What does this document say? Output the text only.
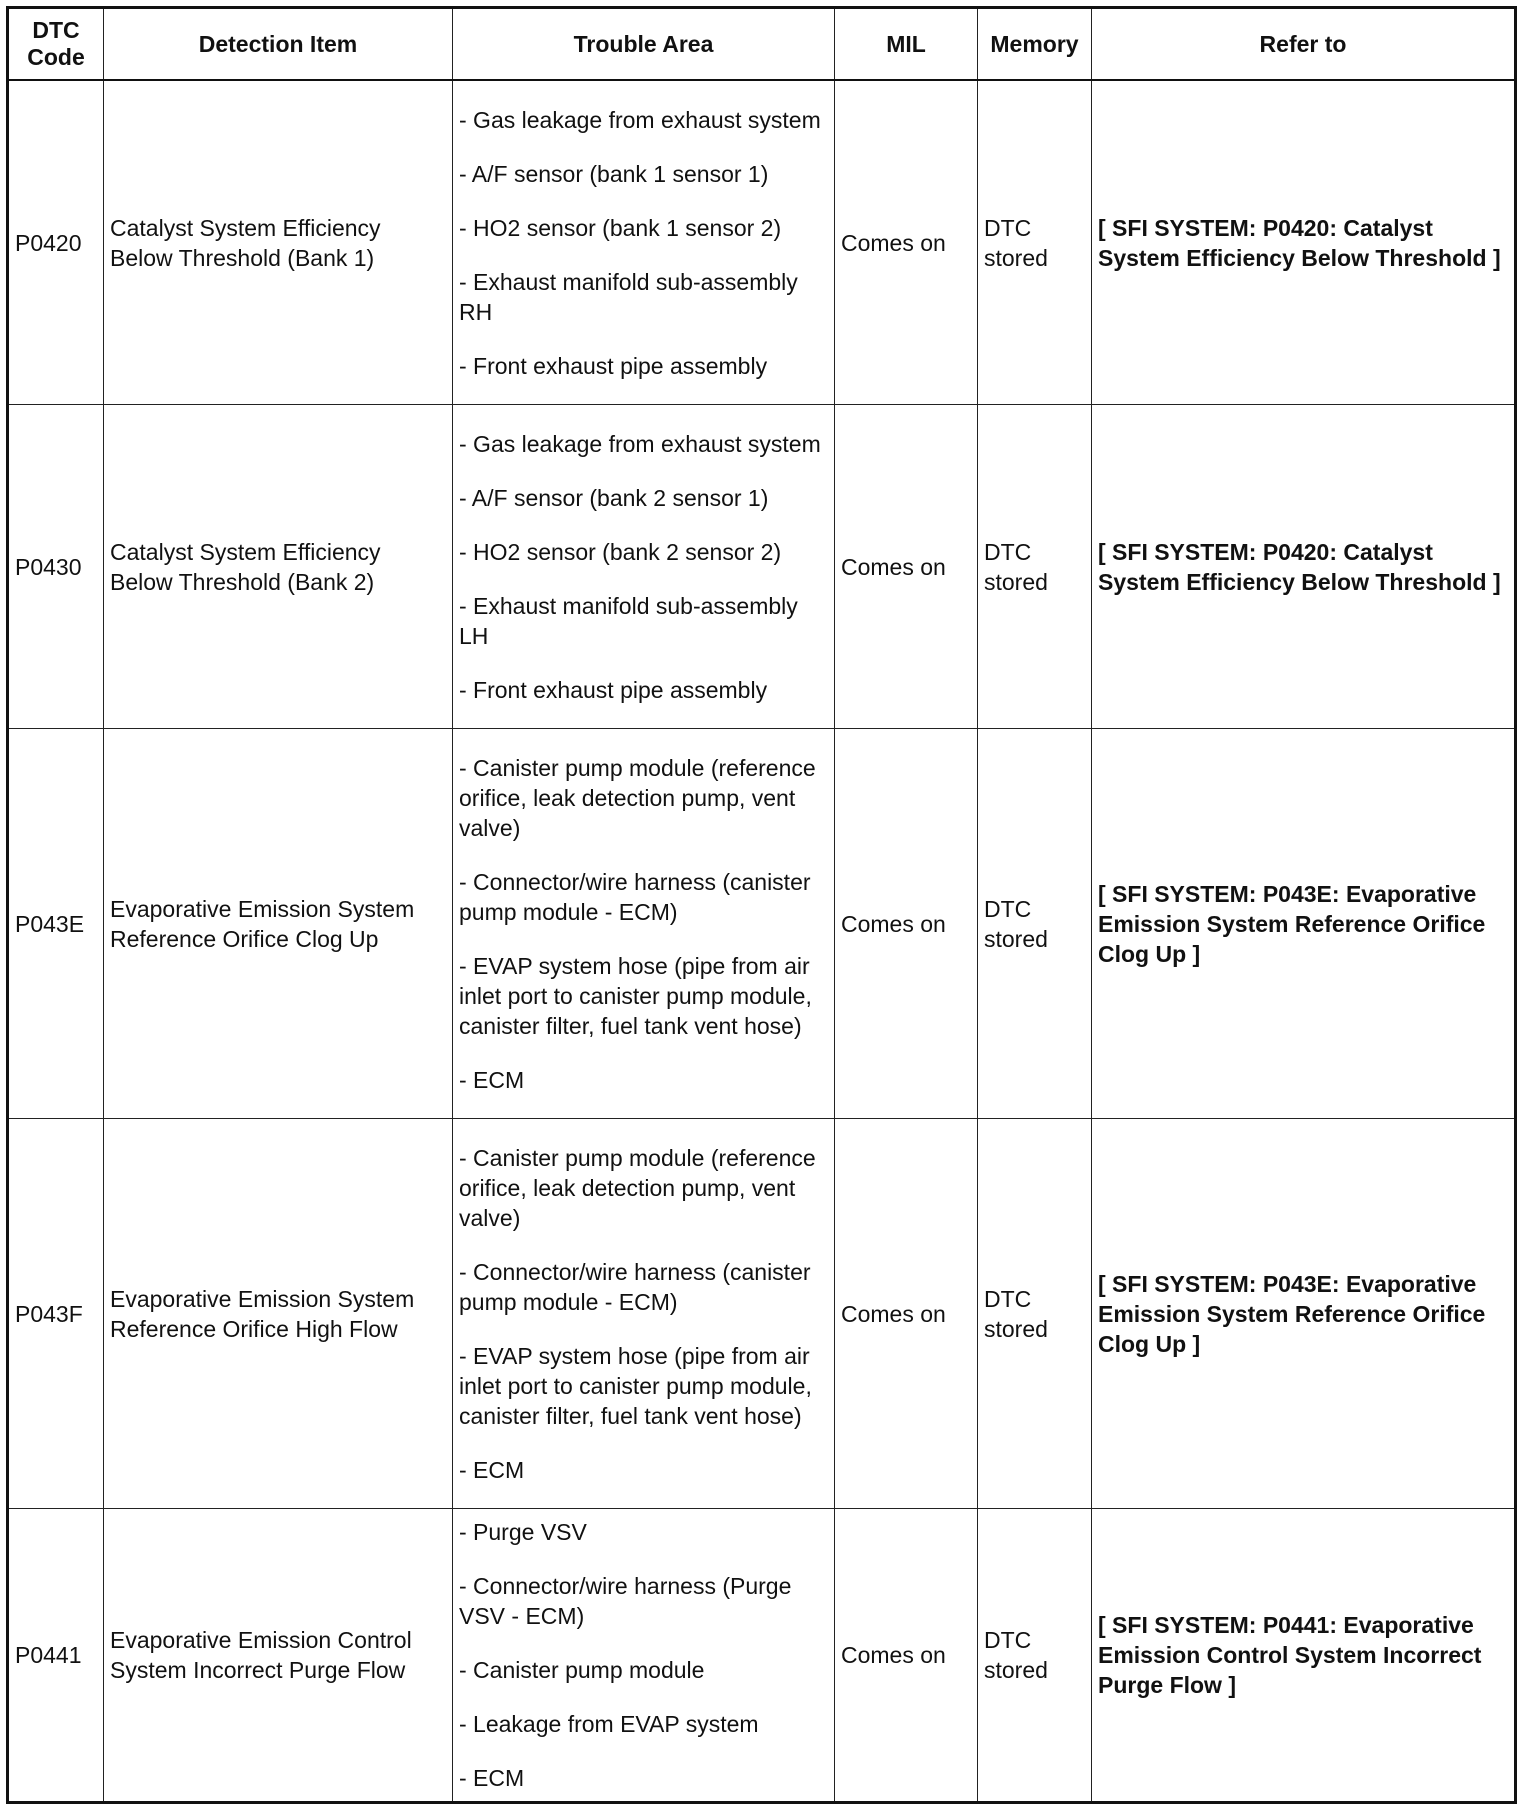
DTC Code	Detection Item	Trouble Area	MIL	Memory	Refer to
P0420	Catalyst System Efficiency Below Threshold (Bank 1)	- Gas leakage from exhaust system

- A/F sensor (bank 1 sensor 1)

- HO2 sensor (bank 1 sensor 2)

- Exhaust manifold sub-assembly RH

- Front exhaust pipe assembly	Comes on	DTC stored	[ SFI SYSTEM: P0420: Catalyst System Efficiency Below Threshold ]
P0430	Catalyst System Efficiency Below Threshold (Bank 2)	- Gas leakage from exhaust system

- A/F sensor (bank 2 sensor 1)

- HO2 sensor (bank 2 sensor 2)

- Exhaust manifold sub-assembly LH

- Front exhaust pipe assembly	Comes on	DTC stored	[ SFI SYSTEM: P0420: Catalyst System Efficiency Below Threshold ]
P043E	Evaporative Emission System Reference Orifice Clog Up	- Canister pump module (reference orifice, leak detection pump, vent valve)

- Connector/wire harness (canister pump module - ECM)

- EVAP system hose (pipe from air inlet port to canister pump module, canister filter, fuel tank vent hose)

- ECM	Comes on	DTC stored	[ SFI SYSTEM: P043E: Evaporative Emission System Reference Orifice Clog Up ]
P043F	Evaporative Emission System Reference Orifice High Flow	- Canister pump module (reference orifice, leak detection pump, vent valve)

- Connector/wire harness (canister pump module - ECM)

- EVAP system hose (pipe from air inlet port to canister pump module, canister filter, fuel tank vent hose)

- ECM	Comes on	DTC stored	[ SFI SYSTEM: P043E: Evaporative Emission System Reference Orifice Clog Up ]
P0441	Evaporative Emission Control System Incorrect Purge Flow	- Purge VSV

- Connector/wire harness (Purge VSV - ECM)

- Canister pump module

- Leakage from EVAP system

- ECM	Comes on	DTC stored	[ SFI SYSTEM: P0441: Evaporative Emission Control System Incorrect Purge Flow ]
